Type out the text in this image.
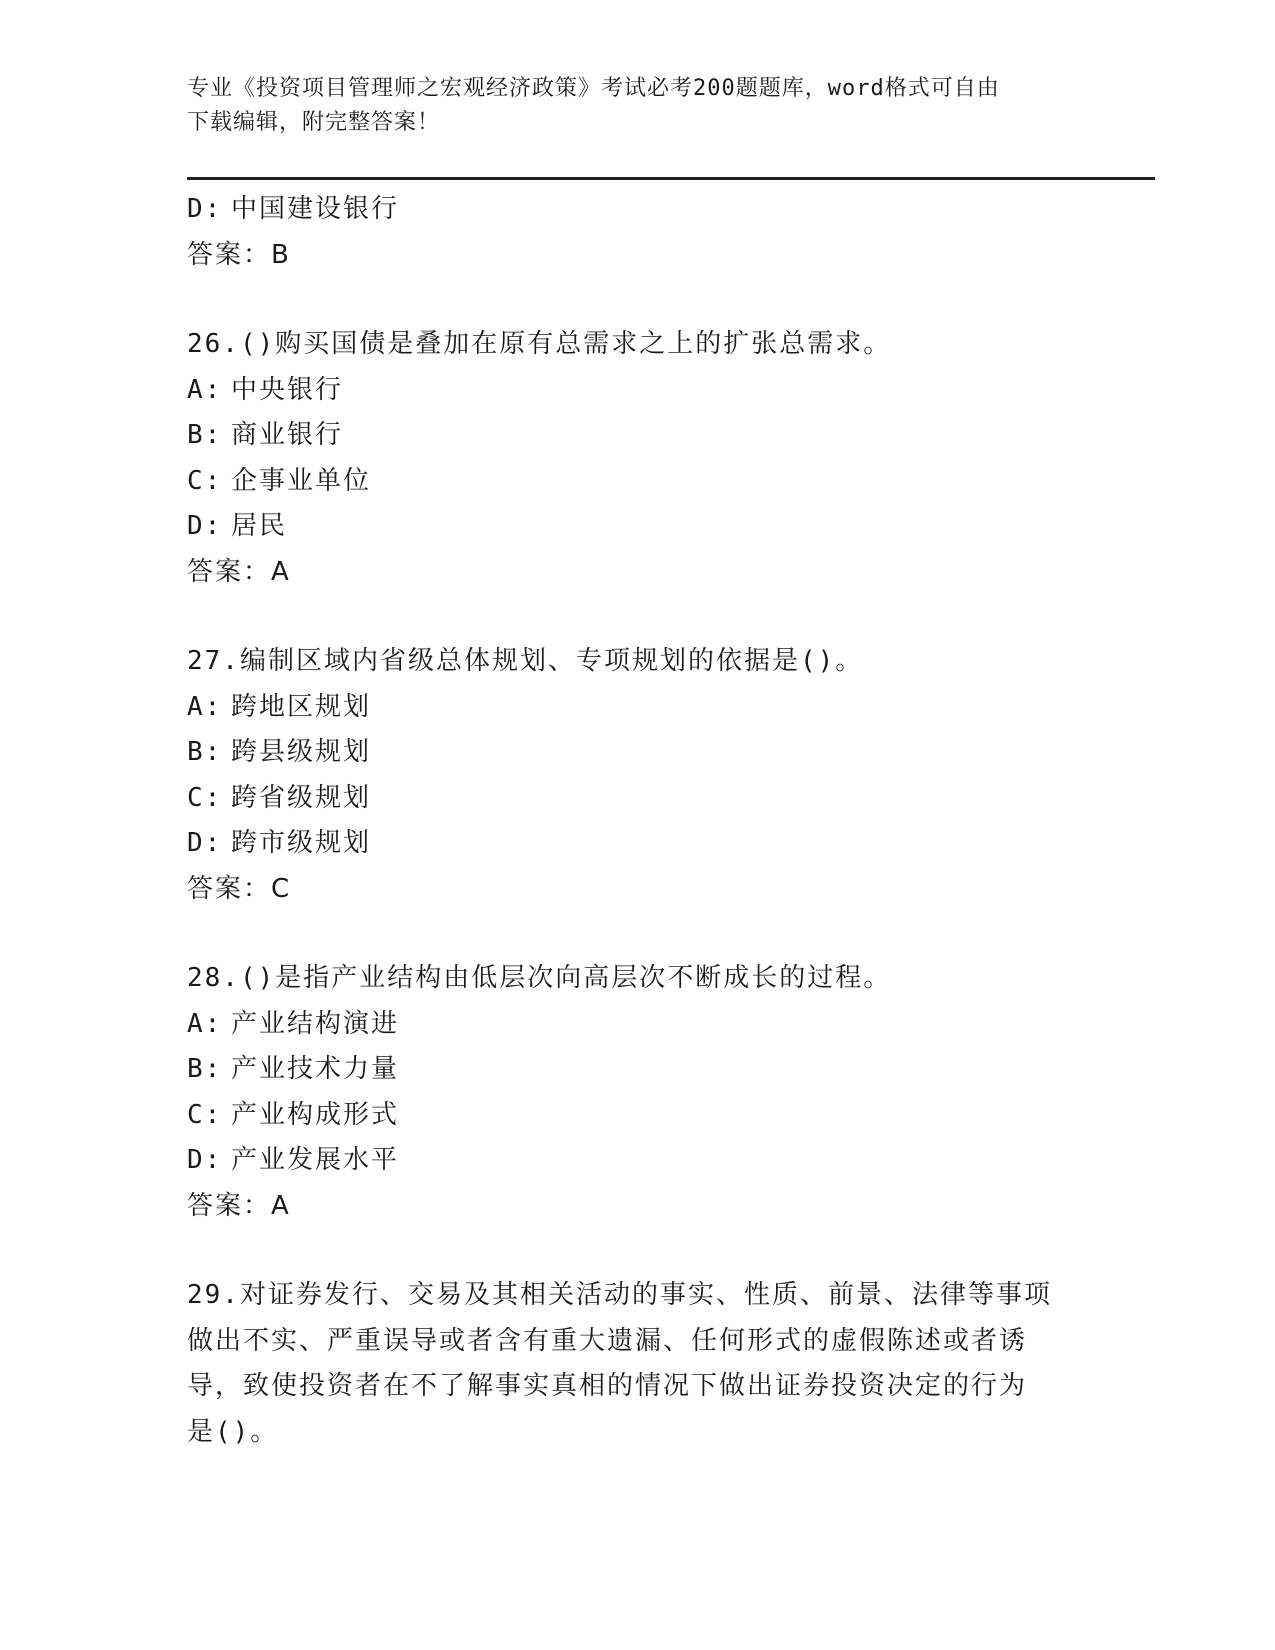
专业《投资项目管理师之宏观经济政策》考试必考200题题库，word格式可自由
下载编辑，附完整答案！
D: 中国建设银行
答案：B
26.()购买国债是叠加在原有总需求之上的扩张总需求。
A: 中央银行
B: 商业银行
C: 企事业单位
D: 居民
答案：A
27.编制区域内省级总体规划、专项规划的依据是()。
A: 跨地区规划
B: 跨县级规划
C: 跨省级规划
D: 跨市级规划
答案：C
28.()是指产业结构由低层次向高层次不断成长的过程。
A: 产业结构演进
B: 产业技术力量
C: 产业构成形式
D: 产业发展水平
答案：A
29.对证券发行、交易及其相关活动的事实、性质、前景、法律等事项
做出不实、严重误导或者含有重大遗漏、任何形式的虚假陈述或者诱
导，致使投资者在不了解事实真相的情况下做出证券投资决定的行为
是()。
